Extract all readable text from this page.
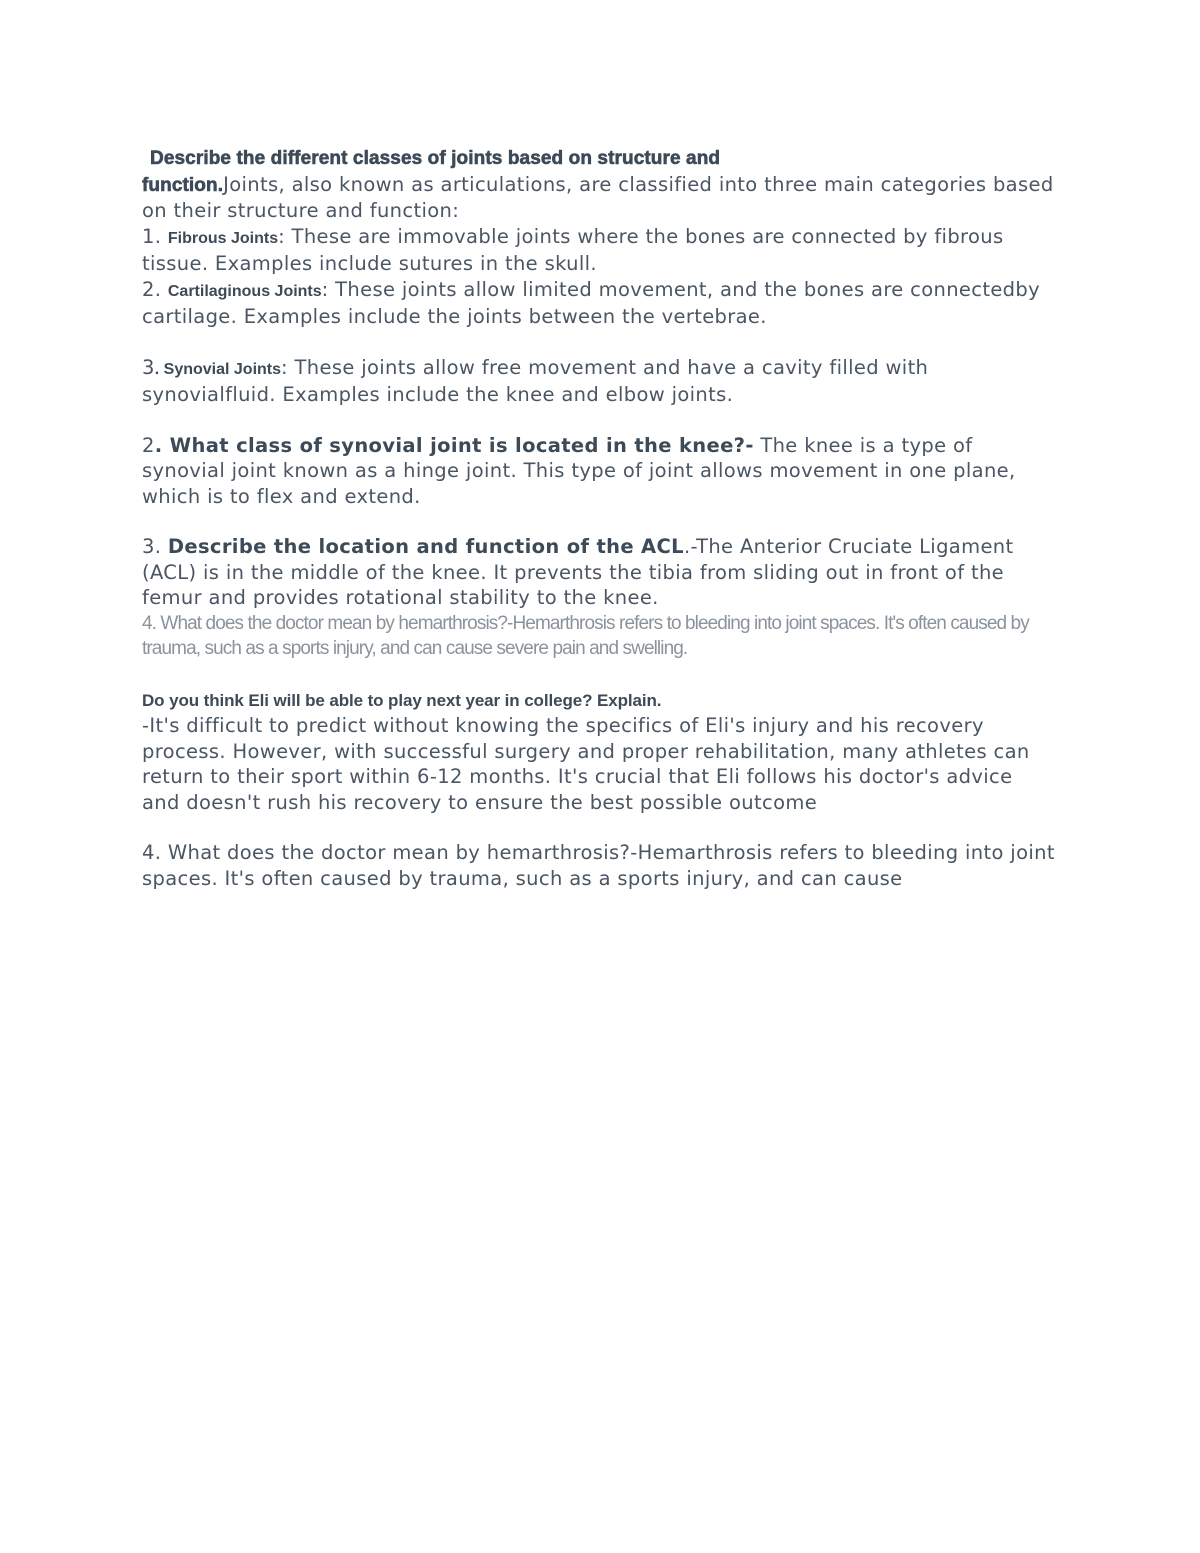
Describe the different classes of joints based on structure and
function.Joints, also known as articulations, are classified into three main categories based on their structure and function:

1. Fibrous Joints: These are immovable joints where the bones are connected by fibrous tissue. Examples include sutures in the skull.

2. Cartilaginous Joints: These joints allow limited movement, and the bones are connectedby cartilage. Examples include the joints between the vertebrae.

3. Synovial Joints: These joints allow free movement and have a cavity filled with synovialfluid. Examples include the knee and elbow joints.

2. What class of synovial joint is located in the knee?- The knee is a type of synovial joint known as a hinge joint. This type of joint allows movement in one plane, which is to flex and extend.

3. Describe the location and function of the ACL.-The Anterior Cruciate Ligament (ACL) is in the middle of the knee. It prevents the tibia from sliding out in front of the femur and provides rotational stability to the knee.

4. What does the doctor mean by hemarthrosis?-Hemarthrosis refers to bleeding into joint spaces. It's often caused by trauma, such as a sports injury, and can cause severe pain and swelling.

Do you think Eli will be able to play next year in college? Explain.

-It's difficult to predict without knowing the specifics of Eli's injury and his recovery process. However, with successful surgery and proper rehabilitation, many athletes can

return to their sport within 6-12 months. It's crucial that Eli follows his doctor's advice

and doesn't rush his recovery to ensure the best possible outcome

4. What does the doctor mean by hemarthrosis?-Hemarthrosis refers to bleeding into joint spaces. It's often caused by trauma, such as a sports injury, and can cause
